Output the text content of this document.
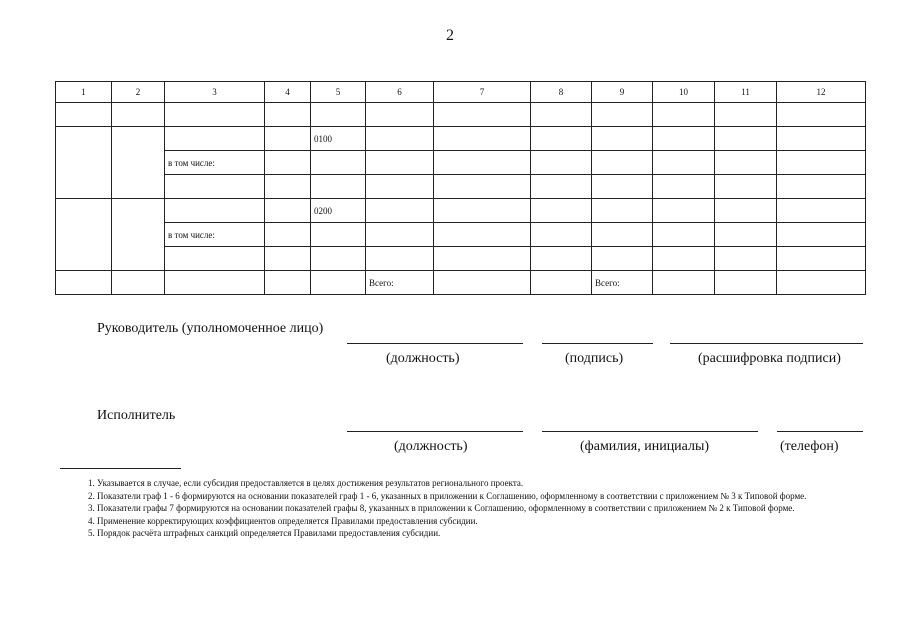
2
1	2	3	4	5	6	7	8	9	10	11	12

				0100							
		в том числе:									

				0200							
		в том числе:									

					Всего:			Всего:			
Руководитель (уполномоченное лицо)
(должность)	(подпись)	(расшифровка подписи)
Исполнитель
(должность)	(фамилия, инициалы)	(телефон)

1. Указывается в случае, если субсидия предоставляется в целях достижения результатов регионального проекта.

2. Показатели граф 1 - 6 формируются на основании показателей граф 1 - 6, указанных в приложении к Соглашению, оформленному в соответствии с приложением № 3 к Типовой форме.

3. Показатели графы 7 формируются на основании показателей графы 8, указанных в приложении к Соглашению, оформленному в соответствии с приложением № 2 к Типовой форме.

4. Применение корректирующих коэффициентов определяется Правилами предоставления субсидии.

5. Порядок расчёта штрафных санкций определяется Правилами предоставления субсидии.
